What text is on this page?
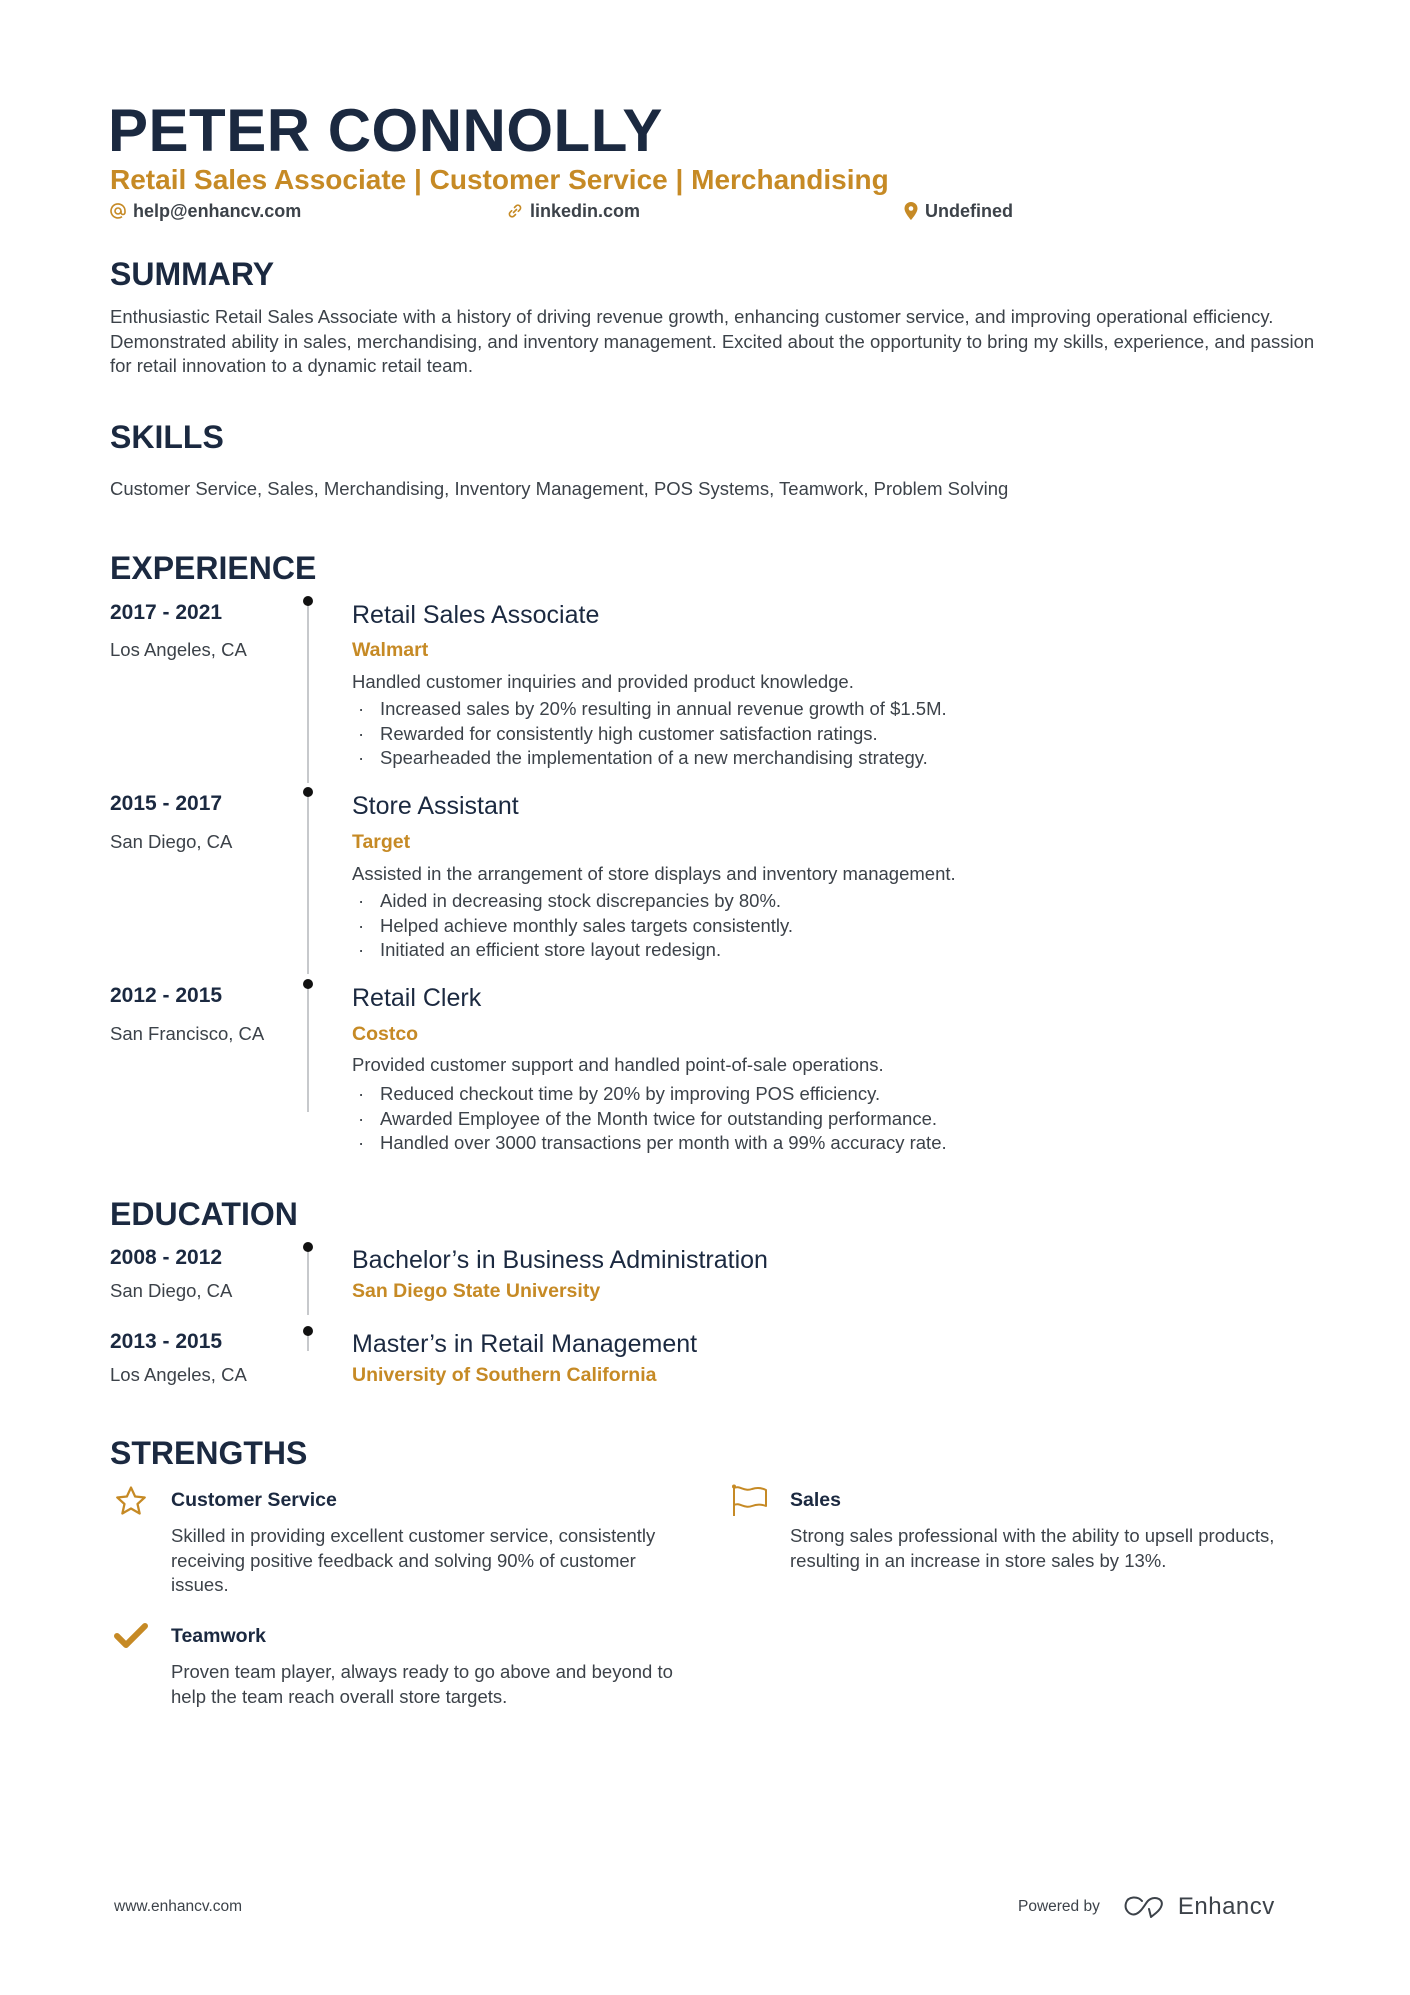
PETER CONNOLLY
Retail Sales Associate | Customer Service | Merchandising
help@enhancv.com	linkedin.com	Undefined
SUMMARY
Enthusiastic Retail Sales Associate with a history of driving revenue growth, enhancing customer service, and improving operational efficiency. Demonstrated ability in sales, merchandising, and inventory management. Excited about the opportunity to bring my skills, experience, and passion for retail innovation to a dynamic retail team.
SKILLS
Customer Service, Sales, Merchandising, Inventory Management, POS Systems, Teamwork, Problem Solving
EXPERIENCE
2017 - 2021
Los Angeles, CA
Retail Sales Associate
Walmart
Handled customer inquiries and provided product knowledge.
· Increased sales by 20% resulting in annual revenue growth of $1.5M.
· Rewarded for consistently high customer satisfaction ratings.
· Spearheaded the implementation of a new merchandising strategy.
2015 - 2017
San Diego, CA
Store Assistant
Target
Assisted in the arrangement of store displays and inventory management.
· Aided in decreasing stock discrepancies by 80%.
· Helped achieve monthly sales targets consistently.
· Initiated an efficient store layout redesign.
2012 - 2015
San Francisco, CA
Retail Clerk
Costco
Provided customer support and handled point-of-sale operations.
· Reduced checkout time by 20% by improving POS efficiency.
· Awarded Employee of the Month twice for outstanding performance.
· Handled over 3000 transactions per month with a 99% accuracy rate.
EDUCATION
2008 - 2012
San Diego, CA
Bachelor’s in Business Administration
San Diego State University
2013 - 2015
Los Angeles, CA
Master’s in Retail Management
University of Southern California
STRENGTHS
Customer Service
Skilled in providing excellent customer service, consistently receiving positive feedback and solving 90% of customer issues.
Sales
Strong sales professional with the ability to upsell products, resulting in an increase in store sales by 13%.
Teamwork
Proven team player, always ready to go above and beyond to help the team reach overall store targets.
www.enhancv.com	Powered by	Enhancv
